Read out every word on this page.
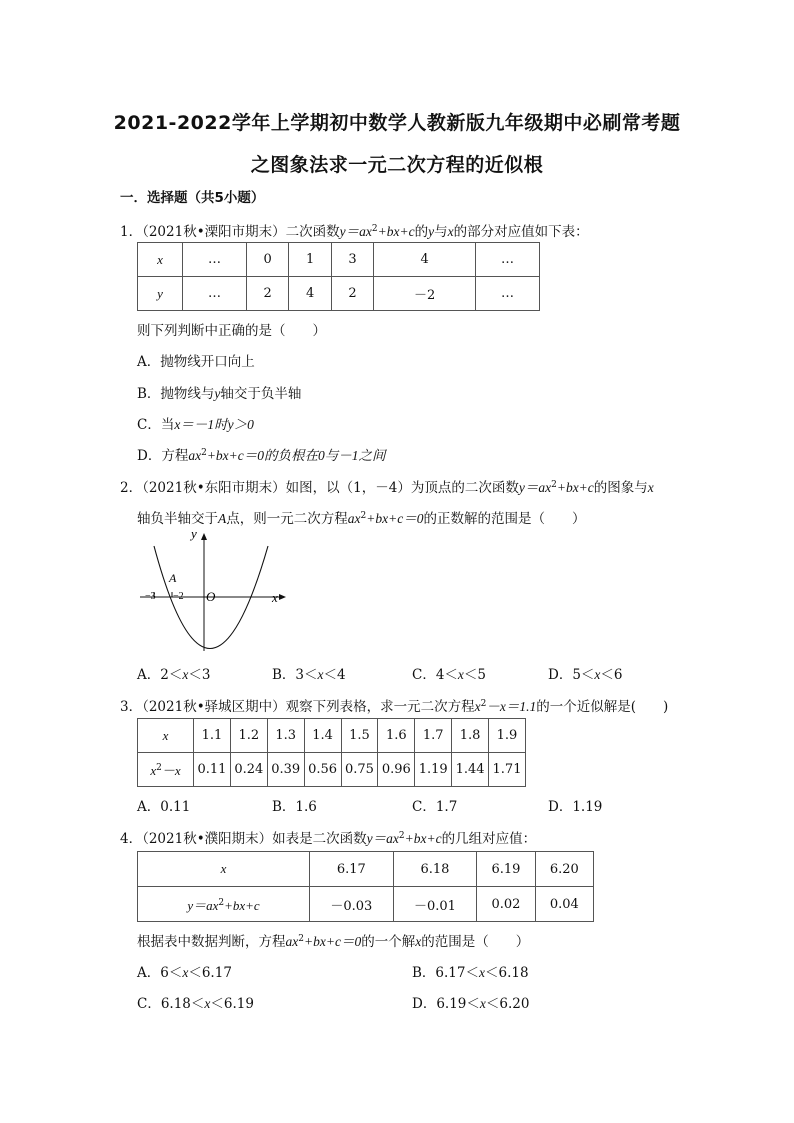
2021-2022学年上学期初中数学人教新版九年级期中必刷常考题
之图象法求一元二次方程的近似根
一．选择题（共5小题）
1．（2021秋•溧阳市期末）二次函数$y=ax^2+bx+c$的y与x的部分对应值如下表：
x	…	0	1	3	4	…
y	…	2	4	2	－2	…
则下列判断中正确的是（　　）
A．抛物线开口向上
B．抛物线与y轴交于负半轴
C．当x＝－1时y＞0
D．方程$ax^2+bx+c=0$的负根在0与－1之间
2．（2021秋•东阳市期末）如图，以（1，－4）为顶点的二次函数$y=ax^2+bx+c$的图象与x
轴负半轴交于A点，则一元二次方程$ax^2+bx+c=0$的正数解的范围是（　　）
y
x
O
A
−3 −2
A．2＜x＜3	B．3＜x＜4	C．4＜x＜5	D．5＜x＜6
3．（2021秋•驿城区期中）观察下列表格，求一元二次方程$x^2-x=1.1$的一个近似解是(　　)
x	1.1	1.2	1.3	1.4	1.5	1.6	1.7	1.8	1.9
$x^2-x$	0.11	0.24	0.39	0.56	0.75	0.96	1.19	1.44	1.71
A．0.11	B．1.6	C．1.7	D．1.19
4．（2021秋•濮阳期末）如表是二次函数$y=ax^2+bx+c$的几组对应值：
x	6.17	6.18	6.19	6.20
$y=ax^2+bx+c$	－0.03	－0.01	0.02	0.04
根据表中数据判断，方程$ax^2+bx+c=0$的一个解x的范围是（　　）
A．6＜x＜6.17	B．6.17＜x＜6.18
C．6.18＜x＜6.19	D．6.19＜x＜6.20
